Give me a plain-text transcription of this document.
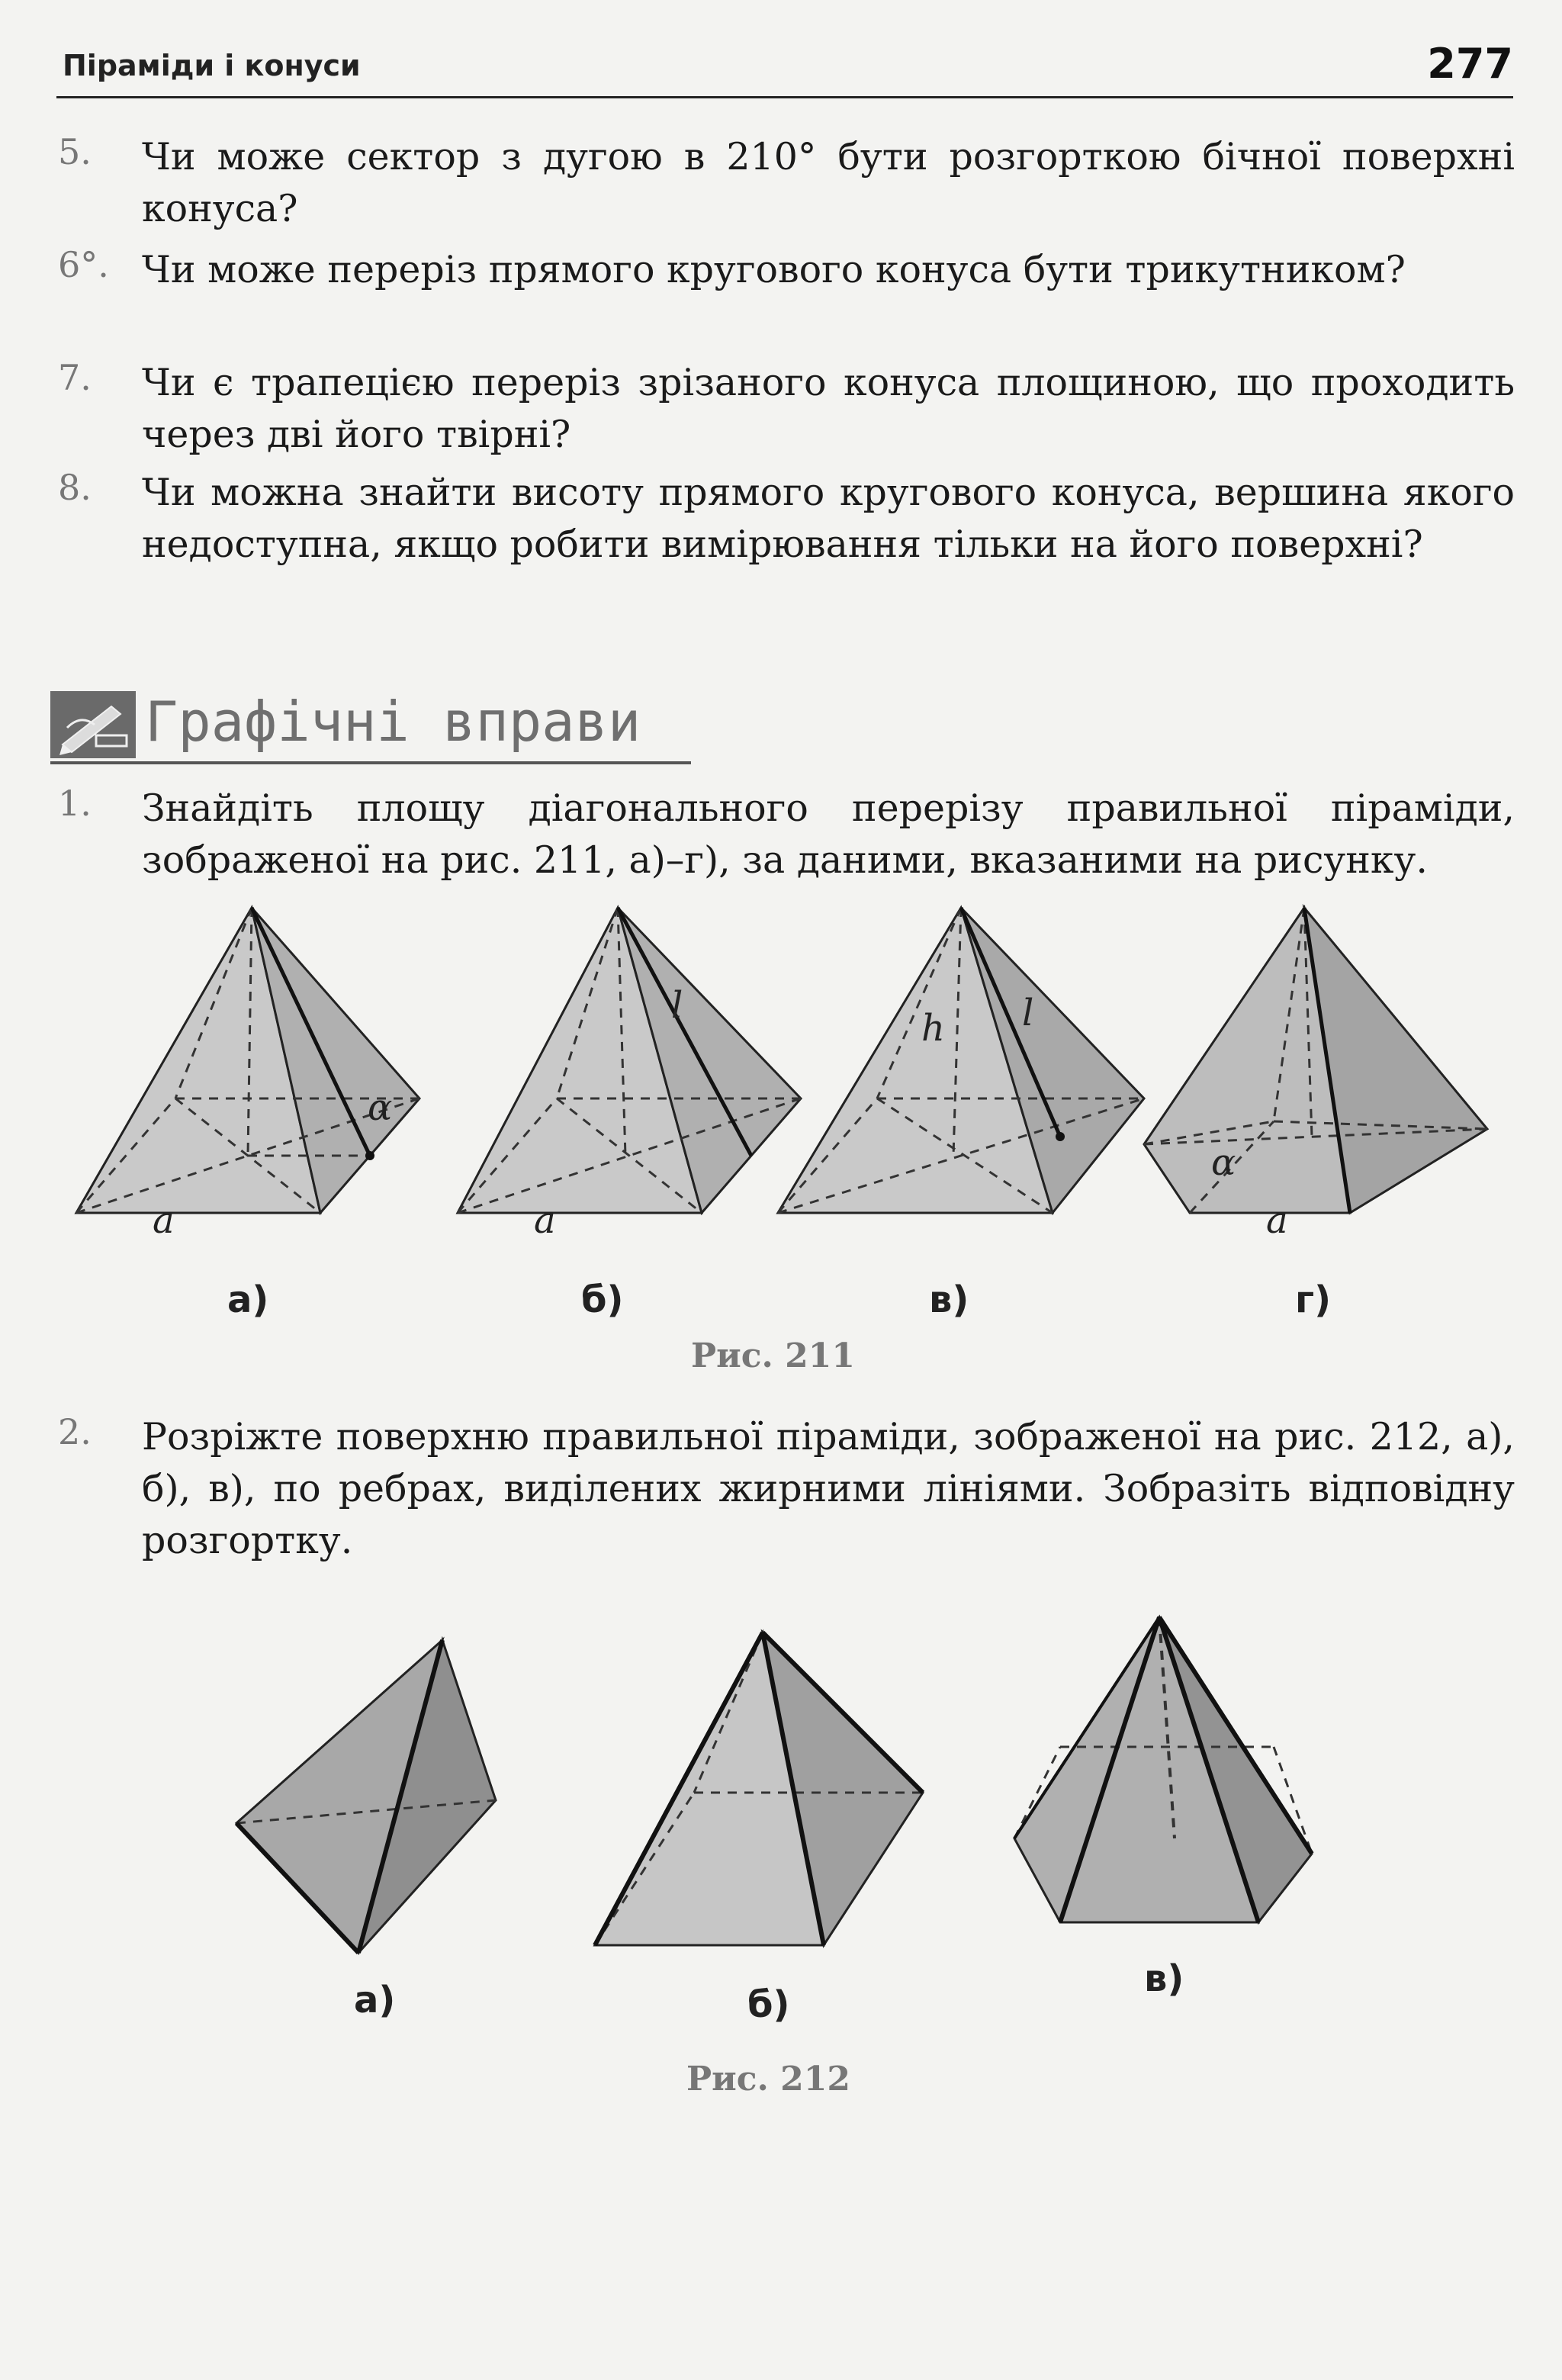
Піраміди і конуси	277
5.	Чи може сектор з дугою в 210° бути розгорткою бічної поверхні конуса?
6°. Чи може переріз прямого кругового конуса бути трикутником?
7.	Чи є трапецією переріз зрізаного конуса площиною, що проходить через дві його твірні?
8.	Чи можна знайти висоту прямого кругового конуса, вершина якого недоступна, якщо робити вимірювання тільки на його поверхні?
Графічні вправи
1.	Знайдіть площу діагонального перерізу правильної піраміди, зображеної на рис. 211, а)–г), за даними, вказаними на рисунку.
α
a
l
a
h l
α
a
а)	б)	в)	г)
Рис. 211
2.	Розріжте поверхню правильної піраміди, зображеної на рис. 212, а), б), в), по ребрах, виділених жирними лініями. Зобразіть відповідну розгортку.
а)	б)
в)
Рис. 212
